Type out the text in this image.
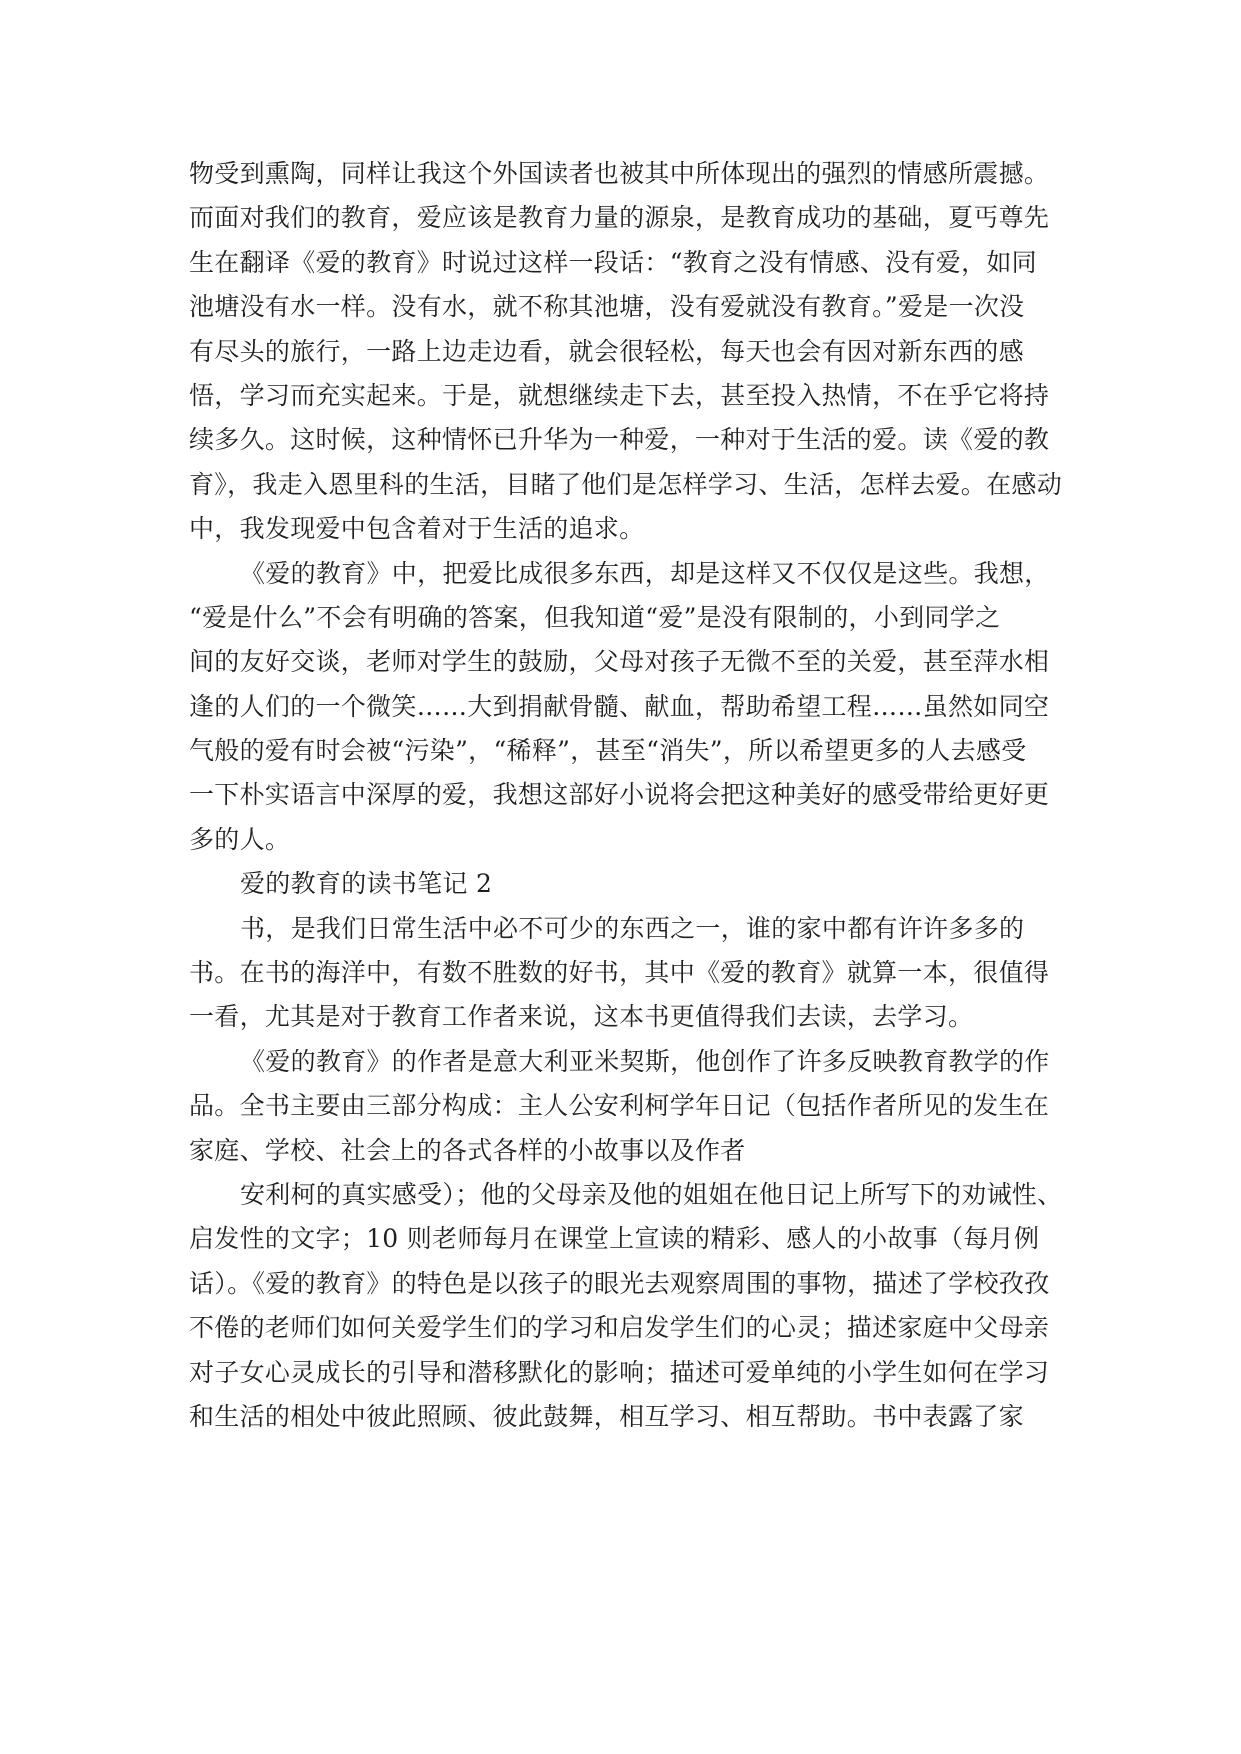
物受到熏陶，同样让我这个外国读者也被其中所体现出的强烈的情感所震撼。
而面对我们的教育，爱应该是教育力量的源泉，是教育成功的基础，夏丐尊先
生在翻译《爱的教育》时说过这样一段话：“教育之没有情感、没有爱，如同
池塘没有水一样。没有水，就不称其池塘，没有爱就没有教育。”爱是一次没
有尽头的旅行，一路上边走边看，就会很轻松，每天也会有因对新东西的感
悟，学习而充实起来。于是，就想继续走下去，甚至投入热情，不在乎它将持
续多久。这时候，这种情怀已升华为一种爱，一种对于生活的爱。读《爱的教
育》，我走入恩里科的生活，目睹了他们是怎样学习、生活，怎样去爱。在感动
中，我发现爱中包含着对于生活的追求。
《爱的教育》中，把爱比成很多东西，却是这样又不仅仅是这些。我想，
“爱是什么”不会有明确的答案，但我知道“爱”是没有限制的，小到同学之
间的友好交谈，老师对学生的鼓励，父母对孩子无微不至的关爱，甚至萍水相
逢的人们的一个微笑……大到捐献骨髓、献血，帮助希望工程……虽然如同空
气般的爱有时会被“污染”，“稀释”，甚至“消失”，所以希望更多的人去感受
一下朴实语言中深厚的爱，我想这部好小说将会把这种美好的感受带给更好更
多的人。
爱的教育的读书笔记 2
书，是我们日常生活中必不可少的东西之一，谁的家中都有许许多多的
书。在书的海洋中，有数不胜数的好书，其中《爱的教育》就算一本，很值得
一看，尤其是对于教育工作者来说，这本书更值得我们去读，去学习。
《爱的教育》的作者是意大利亚米契斯，他创作了许多反映教育教学的作
品。全书主要由三部分构成：主人公安利柯学年日记（包括作者所见的发生在
家庭、学校、社会上的各式各样的小故事以及作者
安利柯的真实感受）；他的父母亲及他的姐姐在他日记上所写下的劝诫性、
启发性的文字；10 则老师每月在课堂上宣读的精彩、感人的小故事（每月例
话）。《爱的教育》的特色是以孩子的眼光去观察周围的事物，描述了学校孜孜
不倦的老师们如何关爱学生们的学习和启发学生们的心灵；描述家庭中父母亲
对子女心灵成长的引导和潜移默化的影响；描述可爱单纯的小学生如何在学习
和生活的相处中彼此照顾、彼此鼓舞，相互学习、相互帮助。书中表露了家
